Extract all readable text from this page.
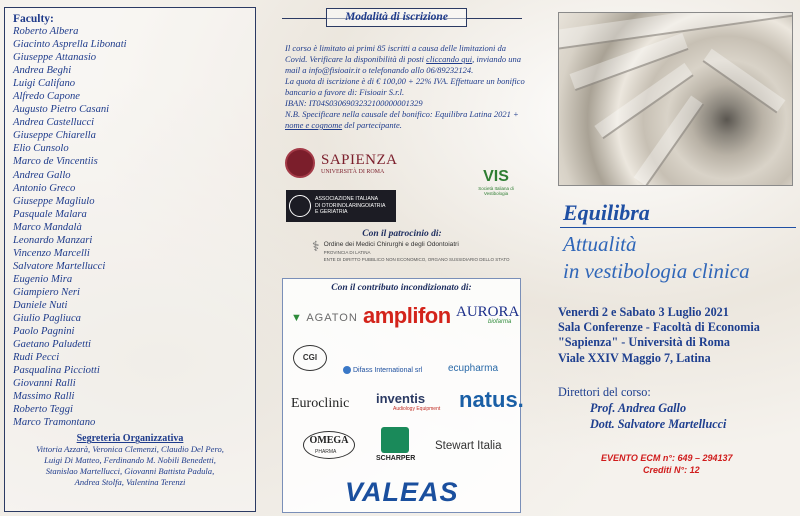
Faculty:
Roberto Albera
Giacinto Asprella Libonati
Giuseppe Attanasio
Andrea Beghi
Luigi Califano
Alfredo Capone
Augusto Pietro Casani
Andrea Castellucci
Giuseppe Chiarella
Elio Cunsolo
Marco de Vincentiis
Andrea Gallo
Antonio Greco
Giuseppe Magliulo
Pasquale Malara
Marco Mandalà
Leonardo Manzari
Vincenzo Marcelli
Salvatore Martellucci
Eugenio Mira
Giampiero Neri
Daniele Nuti
Giulio Pagliuca
Paolo Pagnini
Gaetano Paludetti
Rudi Pecci
Pasqualina Picciotti
Giovanni Ralli
Massimo Ralli
Roberto Teggi
Marco Tramontano
Segreteria Organizzativa
Vittoria Azzarà, Veronica Clemenzi, Claudio Del Pero,
Luigi Di Matteo, Ferdinando M. Nobili Benedetti,
Stanislao Martellucci, Giovanni Battista Padula,
Andrea Stolfa, Valentina Terenzi
Modalità di iscrizione
Il corso è limitato ai primi 85 iscritti a causa delle limitazioni da Covid. Verificare la disponibilità di posti cliccando qui, inviando una mail a info@fisioair.it o telefonando allo 06/89232124.
La quota di iscrizione è di € 100,00 + 22% IVA. Effettuare un bonifico bancario a favore di: Fisioair S.r.l.
IBAN: IT04S0306903232100000001329
N.B. Specificare nella causale del bonifico: Equilibra Latina 2021 + nome e cognome del partecipante.
SAPIENZA
UNIVERSITÀ DI ROMA
ASSOCIAZIONE ITALIANA
DI OTORINOLARINGOIATRIA
E GERIATRIA
VIS
Società Italiana di Vestibologia
Con il patrocinio di:
⚕ Ordine dei Medici Chirurghi e degli Odontoiatri
PROVINCIA DI LATINA
ENTE DI DIRITTO PUBBLICO NON ECONOMICO, ORGANO SUSSIDIARIO DELLO STATO
Con il contributo incondizionato di:
▼ AGATON amplifon AURORA
biofarma
CGI
Difass International srl	ecupharma
Euroclinic inventis
Audiology Equipment natus.
OMEGA
PHARMA
SCHARPER
Stewart Italia
VALEAS
Equilibra
Attualità
in vestibologia clinica
Venerdì 2 e Sabato 3 Luglio 2021
Sala Conferenze - Facoltà di Economia
"Sapienza" - Università di Roma
Viale XXIV Maggio 7, Latina
Direttori del corso:
Prof. Andrea Gallo
Dott. Salvatore Martellucci
EVENTO ECM n°: 649 – 294137
Crediti N°: 12
